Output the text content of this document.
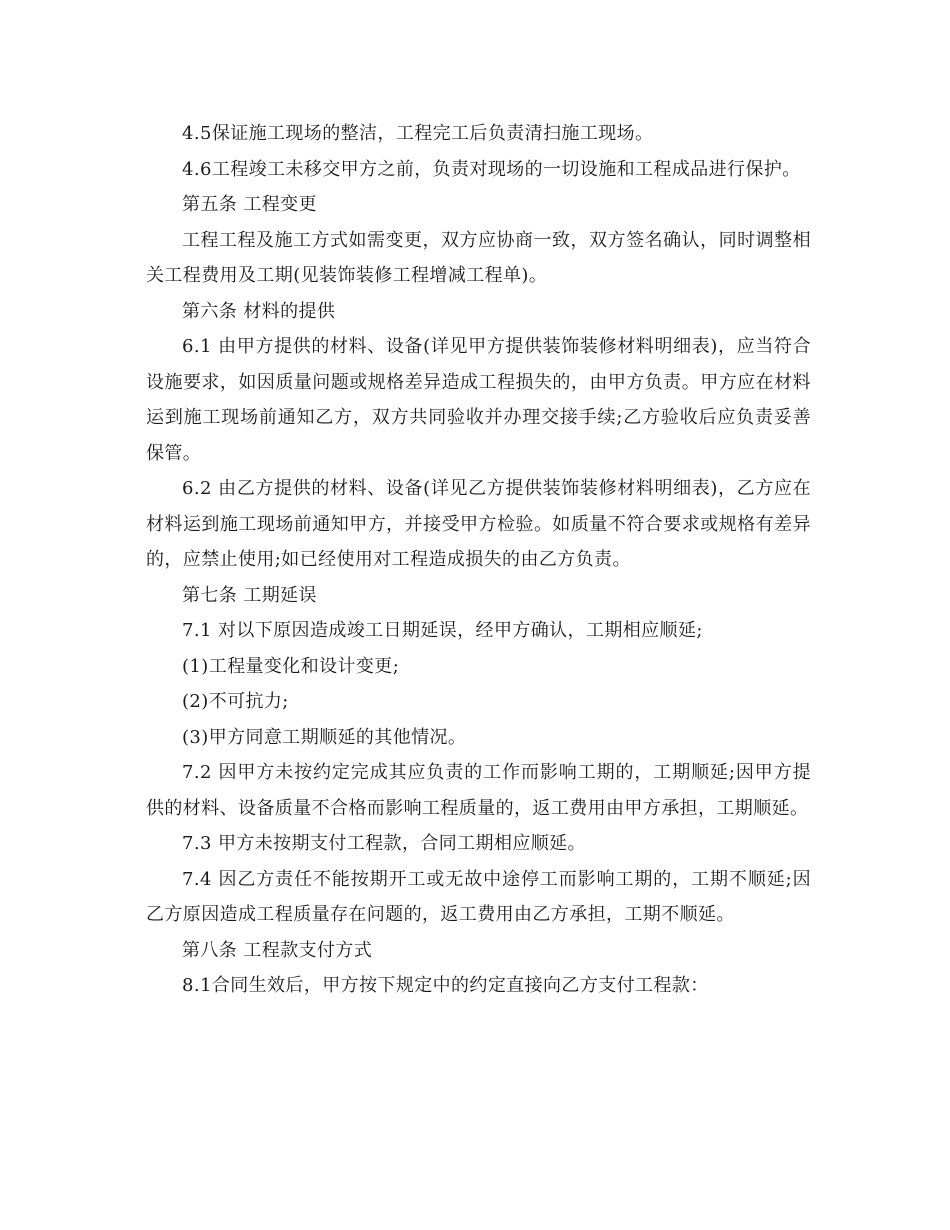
4.5保证施工现场的整洁，工程完工后负责清扫施工现场。

4.6工程竣工未移交甲方之前，负责对现场的一切设施和工程成品进行保护。

第五条 工程变更

工程工程及施工方式如需变更，双方应协商一致，双方签名确认，同时调整相关工程费用及工期(见装饰装修工程增减工程单)。

第六条 材料的提供

6.1 由甲方提供的材料、设备(详见甲方提供装饰装修材料明细表)，应当符合设施要求，如因质量问题或规格差异造成工程损失的，由甲方负责。甲方应在材料运到施工现场前通知乙方，双方共同验收并办理交接手续;乙方验收后应负责妥善保管。

6.2 由乙方提供的材料、设备(详见乙方提供装饰装修材料明细表)，乙方应在材料运到施工现场前通知甲方，并接受甲方检验。如质量不符合要求或规格有差异的，应禁止使用;如已经使用对工程造成损失的由乙方负责。

第七条 工期延误

7.1 对以下原因造成竣工日期延误，经甲方确认，工期相应顺延;

(1)工程量变化和设计变更;

(2)不可抗力;

(3)甲方同意工期顺延的其他情况。

7.2 因甲方未按约定完成其应负责的工作而影响工期的，工期顺延;因甲方提供的材料、设备质量不合格而影响工程质量的，返工费用由甲方承担，工期顺延。

7.3 甲方未按期支付工程款，合同工期相应顺延。

7.4 因乙方责任不能按期开工或无故中途停工而影响工期的，工期不顺延;因乙方原因造成工程质量存在问题的，返工费用由乙方承担，工期不顺延。

第八条 工程款支付方式

8.1合同生效后，甲方按下规定中的约定直接向乙方支付工程款：
